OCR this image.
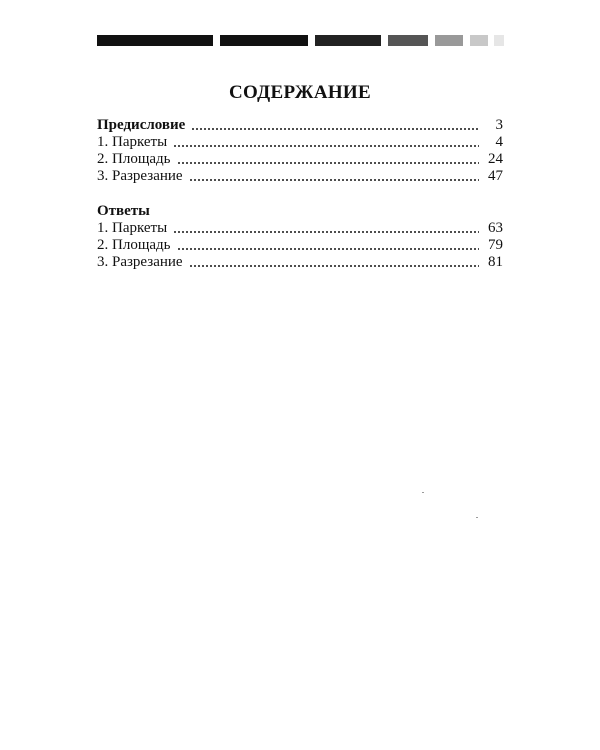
СОДЕРЖАНИЕ
Предисловие	3
1. Паркеты	4
2. Площадь	24
3. Разрезание	47
Ответы
1. Паркеты	63
2. Площадь	79
3. Разрезание	81
